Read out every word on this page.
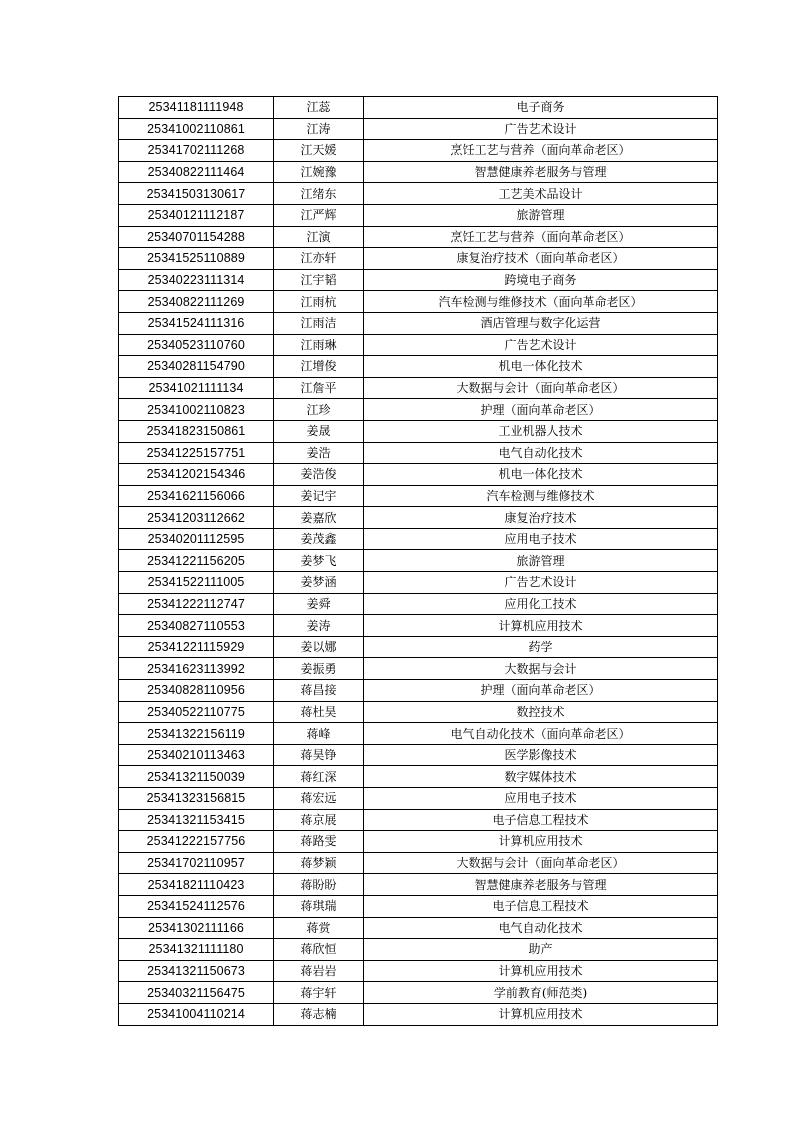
25341181111948	江蕊	电子商务
25341002110861	江涛	广告艺术设计
25341702111268	江天媛	烹饪工艺与营养（面向革命老区）
25340822111464	江婉豫	智慧健康养老服务与管理
25341503130617	江绪东	工艺美术品设计
25340121112187	江严辉	旅游管理
25340701154288	江演	烹饪工艺与营养（面向革命老区）
25341525110889	江亦轩	康复治疗技术（面向革命老区）
25340223111314	江宇韬	跨境电子商务
25340822111269	江雨杭	汽车检测与维修技术（面向革命老区）
25341524111316	江雨洁	酒店管理与数字化运营
25340523110760	江雨琳	广告艺术设计
25340281154790	江增俊	机电一体化技术
25341021111134	江詹平	大数据与会计（面向革命老区）
25341002110823	江珍	护理（面向革命老区）
25341823150861	姜晟	工业机器人技术
25341225157751	姜浩	电气自动化技术
25341202154346	姜浩俊	机电一体化技术
25341621156066	姜记宇	汽车检测与维修技术
25341203112662	姜嘉欣	康复治疗技术
25340201112595	姜茂鑫	应用电子技术
25341221156205	姜梦飞	旅游管理
25341522111005	姜梦涵	广告艺术设计
25341222112747	姜舜	应用化工技术
25340827110553	姜涛	计算机应用技术
25341221115929	姜以娜	药学
25341623113992	姜振勇	大数据与会计
25340828110956	蒋昌接	护理（面向革命老区）
25340522110775	蒋杜昊	数控技术
25341322156119	蒋峰	电气自动化技术（面向革命老区）
25340210113463	蒋昊铮	医学影像技术
25341321150039	蒋红深	数字媒体技术
25341323156815	蒋宏远	应用电子技术
25341321153415	蒋京展	电子信息工程技术
25341222157756	蒋路雯	计算机应用技术
25341702110957	蒋梦颖	大数据与会计（面向革命老区）
25341821110423	蒋盼盼	智慧健康养老服务与管理
25341524112576	蒋琪瑞	电子信息工程技术
25341302111166	蒋赏	电气自动化技术
25341321111180	蒋欣恒	助产
25341321150673	蒋岩岩	计算机应用技术
25340321156475	蒋宇轩	学前教育(师范类)
25341004110214	蒋志楠	计算机应用技术
